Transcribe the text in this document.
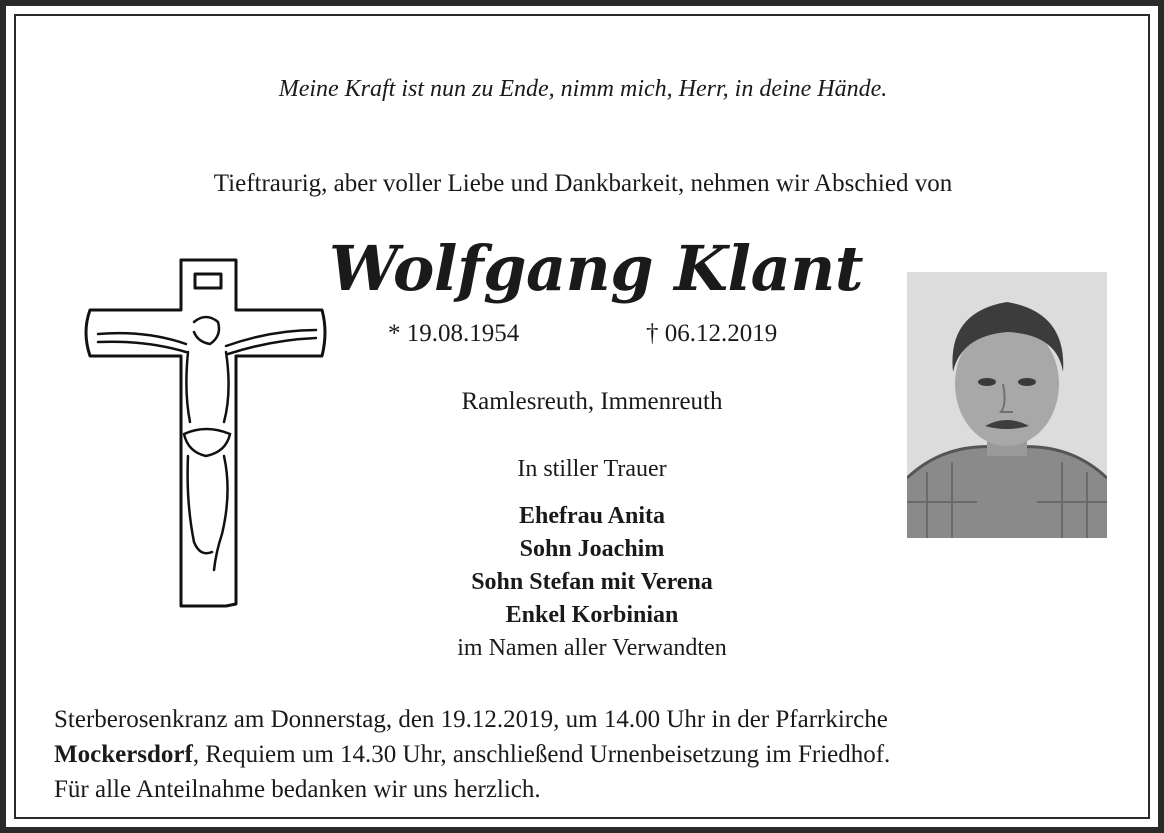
Meine Kraft ist nun zu Ende, nimm mich, Herr, in deine Hände.
Tieftraurig, aber voller Liebe und Dankbarkeit, nehmen wir Abschied von
Wolfgang Klant
* 19.08.1954	† 06.12.2019
Ramlesreuth, Immenreuth
In stiller Trauer
Ehefrau Anita
Sohn Joachim
Sohn Stefan mit Verena
Enkel Korbinian
im Namen aller Verwandten
Sterberosenkranz am Donnerstag, den 19.12.2019, um 14.00 Uhr in der Pfarrkirche
Mockersdorf, Requiem um 14.30 Uhr, anschließend Urnenbeisetzung im Friedhof.
Für alle Anteilnahme bedanken wir uns herzlich.
